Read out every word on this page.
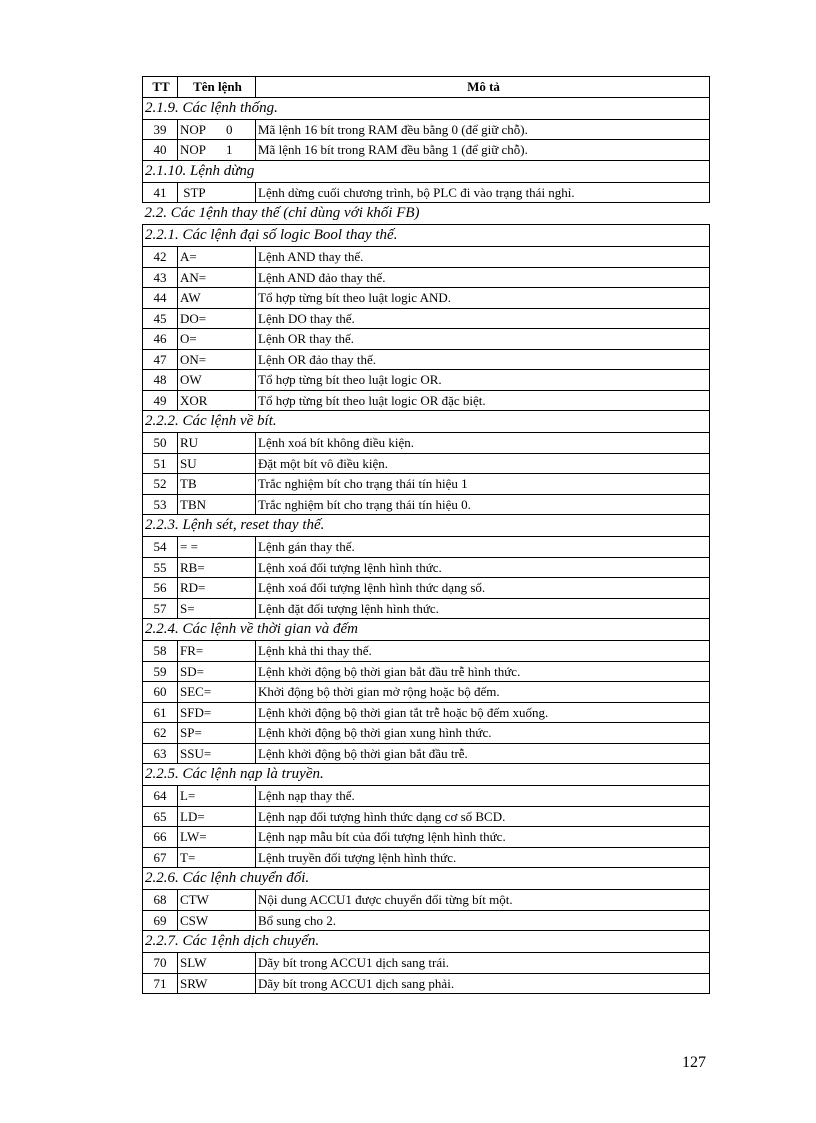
TT	Tên lệnh	Mô tả
2.1.9. Các lệnh thống.		
39	NOP 0	Mã lệnh 16 bít trong RAM đều bằng 0 (để giữ chỗ).
40	NOP 1	Mã lệnh 16 bít trong RAM đều bằng 1 (để giữ chỗ).
2.1.10. Lệnh dừng		
41	STP	Lệnh dừng cuối chương trình, bộ PLC đi vào trạng thái nghỉ.
2.2. Các 1ệnh thay thế (chỉ dùng với khối FB)		
2.2.1. Các lệnh đại số logic Bool thay thế.		
42	A=	Lệnh AND thay thế.
43	AN=	Lệnh AND đảo thay thế.
44	AW	Tổ hợp từng bít theo luật logic AND.
45	DO=	Lệnh DO thay thế.
46	O=	Lệnh OR thay thế.
47	ON=	Lệnh OR đảo thay thế.
48	OW	Tổ hợp từng bít theo luật logic OR.
49	XOR	Tổ hợp từng bít theo luật logic OR đặc biệt.
2.2.2. Các lệnh về bít.		
50	RU	Lệnh xoá bít không điều kiện.
51	SU	Đặt một bít vô điều kiện.
52	TB	Trắc nghiệm bít cho trạng thái tín hiệu 1
53	TBN	Trắc nghiệm bít cho trạng thái tín hiệu 0.
2.2.3. Lệnh sét, reset thay thế.		
54	= =	Lệnh gán thay thế.
55	RB=	Lệnh xoá đối tượng lệnh hình thức.
56	RD=	Lệnh xoá đối tượng lệnh hình thức dạng số.
57	S=	Lệnh đặt đối tượng lệnh hình thức.
2.2.4. Các lệnh về thời gian và đếm		
58	FR=	Lệnh khả thi thay thế.
59	SD=	Lệnh khởi động bộ thời gian bắt đầu trễ hình thức.
60	SEC=	Khởi động bộ thời gian mở rộng hoặc bộ đếm.
61	SFD=	Lệnh khởi động bộ thời gian tắt trễ hoặc bộ đếm xuống.
62	SP=	Lệnh khởi động bộ thời gian xung hình thức.
63	SSU=	Lệnh khởi động bộ thời gian bắt đầu trễ.
2.2.5. Các lệnh nạp là truyền.		
64	L=	Lệnh nạp thay thế.
65	LD=	Lệnh nạp đối tượng hình thức dạng cơ số BCD.
66	LW=	Lệnh nạp mẫu bít của đối tượng lệnh hình thức.
67	T=	Lệnh truyền đối tượng lệnh hình thức.
2.2.6. Các lệnh chuyển đổi.		
68	CTW	Nội dung ACCU1 được chuyển đổi từng bít một.
69	CSW	Bổ sung cho 2.
2.2.7. Các 1ệnh dịch chuyển.		
70	SLW	Dãy bít trong ACCU1 dịch sang trái.
71	SRW	Dãy bít trong ACCU1 dịch sang phải.
127
